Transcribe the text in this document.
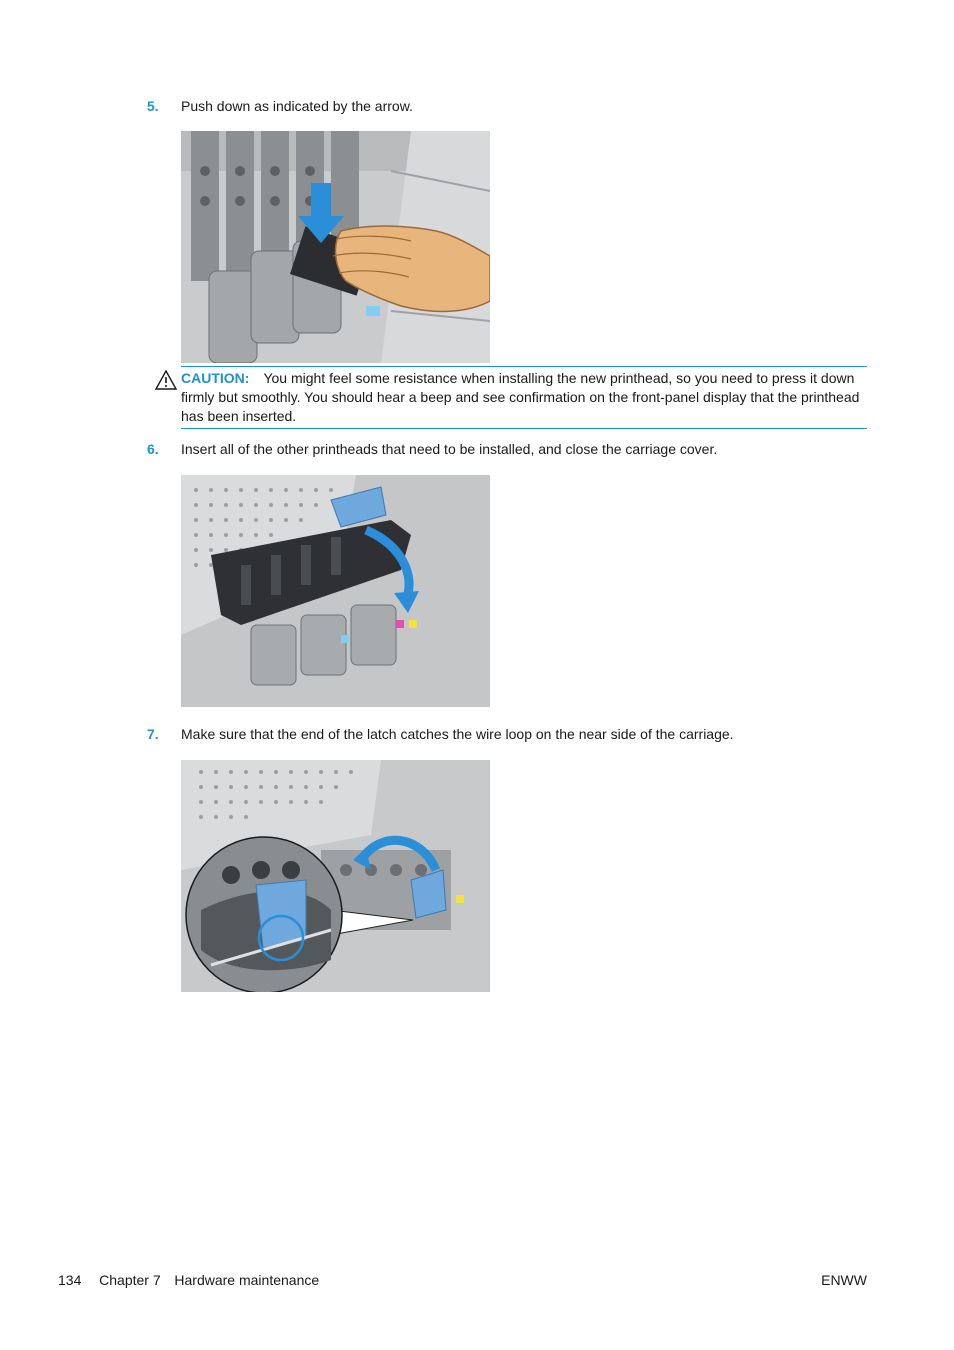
5.	Push down as indicated by the arrow.
CAUTION: You might feel some resistance when installing the new printhead, so you need to press it down firmly but smoothly. You should hear a beep and see confirmation on the front-panel display that the printhead has been inserted.
6.	Insert all of the other printheads that need to be installed, and close the carriage cover.
7.	Make sure that the end of the latch catches the wire loop on the near side of the carriage.
134 Chapter 7 Hardware maintenance	ENWW
